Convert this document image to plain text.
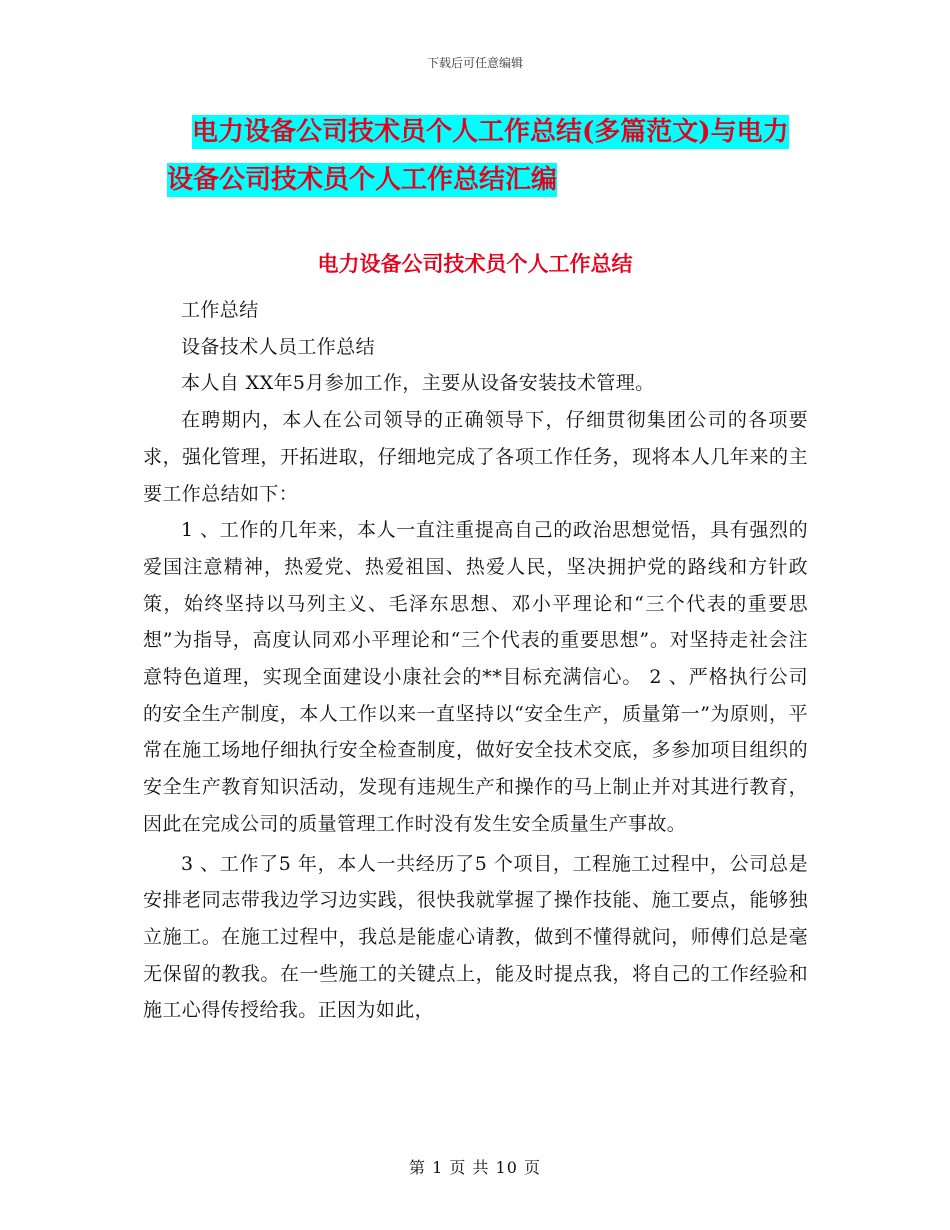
下载后可任意编辑
电力设备公司技术员个人工作总结(多篇范文)与电力
设备公司技术员个人工作总结汇编
电力设备公司技术员个人工作总结

工作总结

设备技术人员工作总结

本人自 XX年5月参加工作，主要从设备安装技术管理。

在聘期内，本人在公司领导的正确领导下，仔细贯彻集团公司的各项要求，强化管理，开拓进取，仔细地完成了各项工作任务，现将本人几年来的主要工作总结如下：

1 、工作的几年来，本人一直注重提高自己的政治思想觉悟，具有强烈的爱国注意精神，热爱党、热爱祖国、热爱人民，坚决拥护党的路线和方针政策，始终坚持以马列主义、毛泽东思想、邓小平理论和“三个代表的重要思想”为指导，高度认同邓小平理论和“三个代表的重要思想”。对坚持走社会注意特色道理，实现全面建设小康社会的**目标充满信心。 2 、严格执行公司的安全生产制度，本人工作以来一直坚持以“安全生产，质量第一”为原则，平常在施工场地仔细执行安全检查制度，做好安全技术交底，多参加项目组织的安全生产教育知识活动，发现有违规生产和操作的马上制止并对其进行教育，因此在完成公司的质量管理工作时没有发生安全质量生产事故。

3 、工作了5 年，本人一共经历了5 个项目，工程施工过程中，公司总是安排老同志带我边学习边实践，很快我就掌握了操作技能、施工要点，能够独立施工。在施工过程中，我总是能虚心请教，做到不懂得就问，师傅们总是毫无保留的教我。在一些施工的关键点上，能及时提点我，将自己的工作经验和施工心得传授给我。正因为如此，

第 1 页 共 10 页
